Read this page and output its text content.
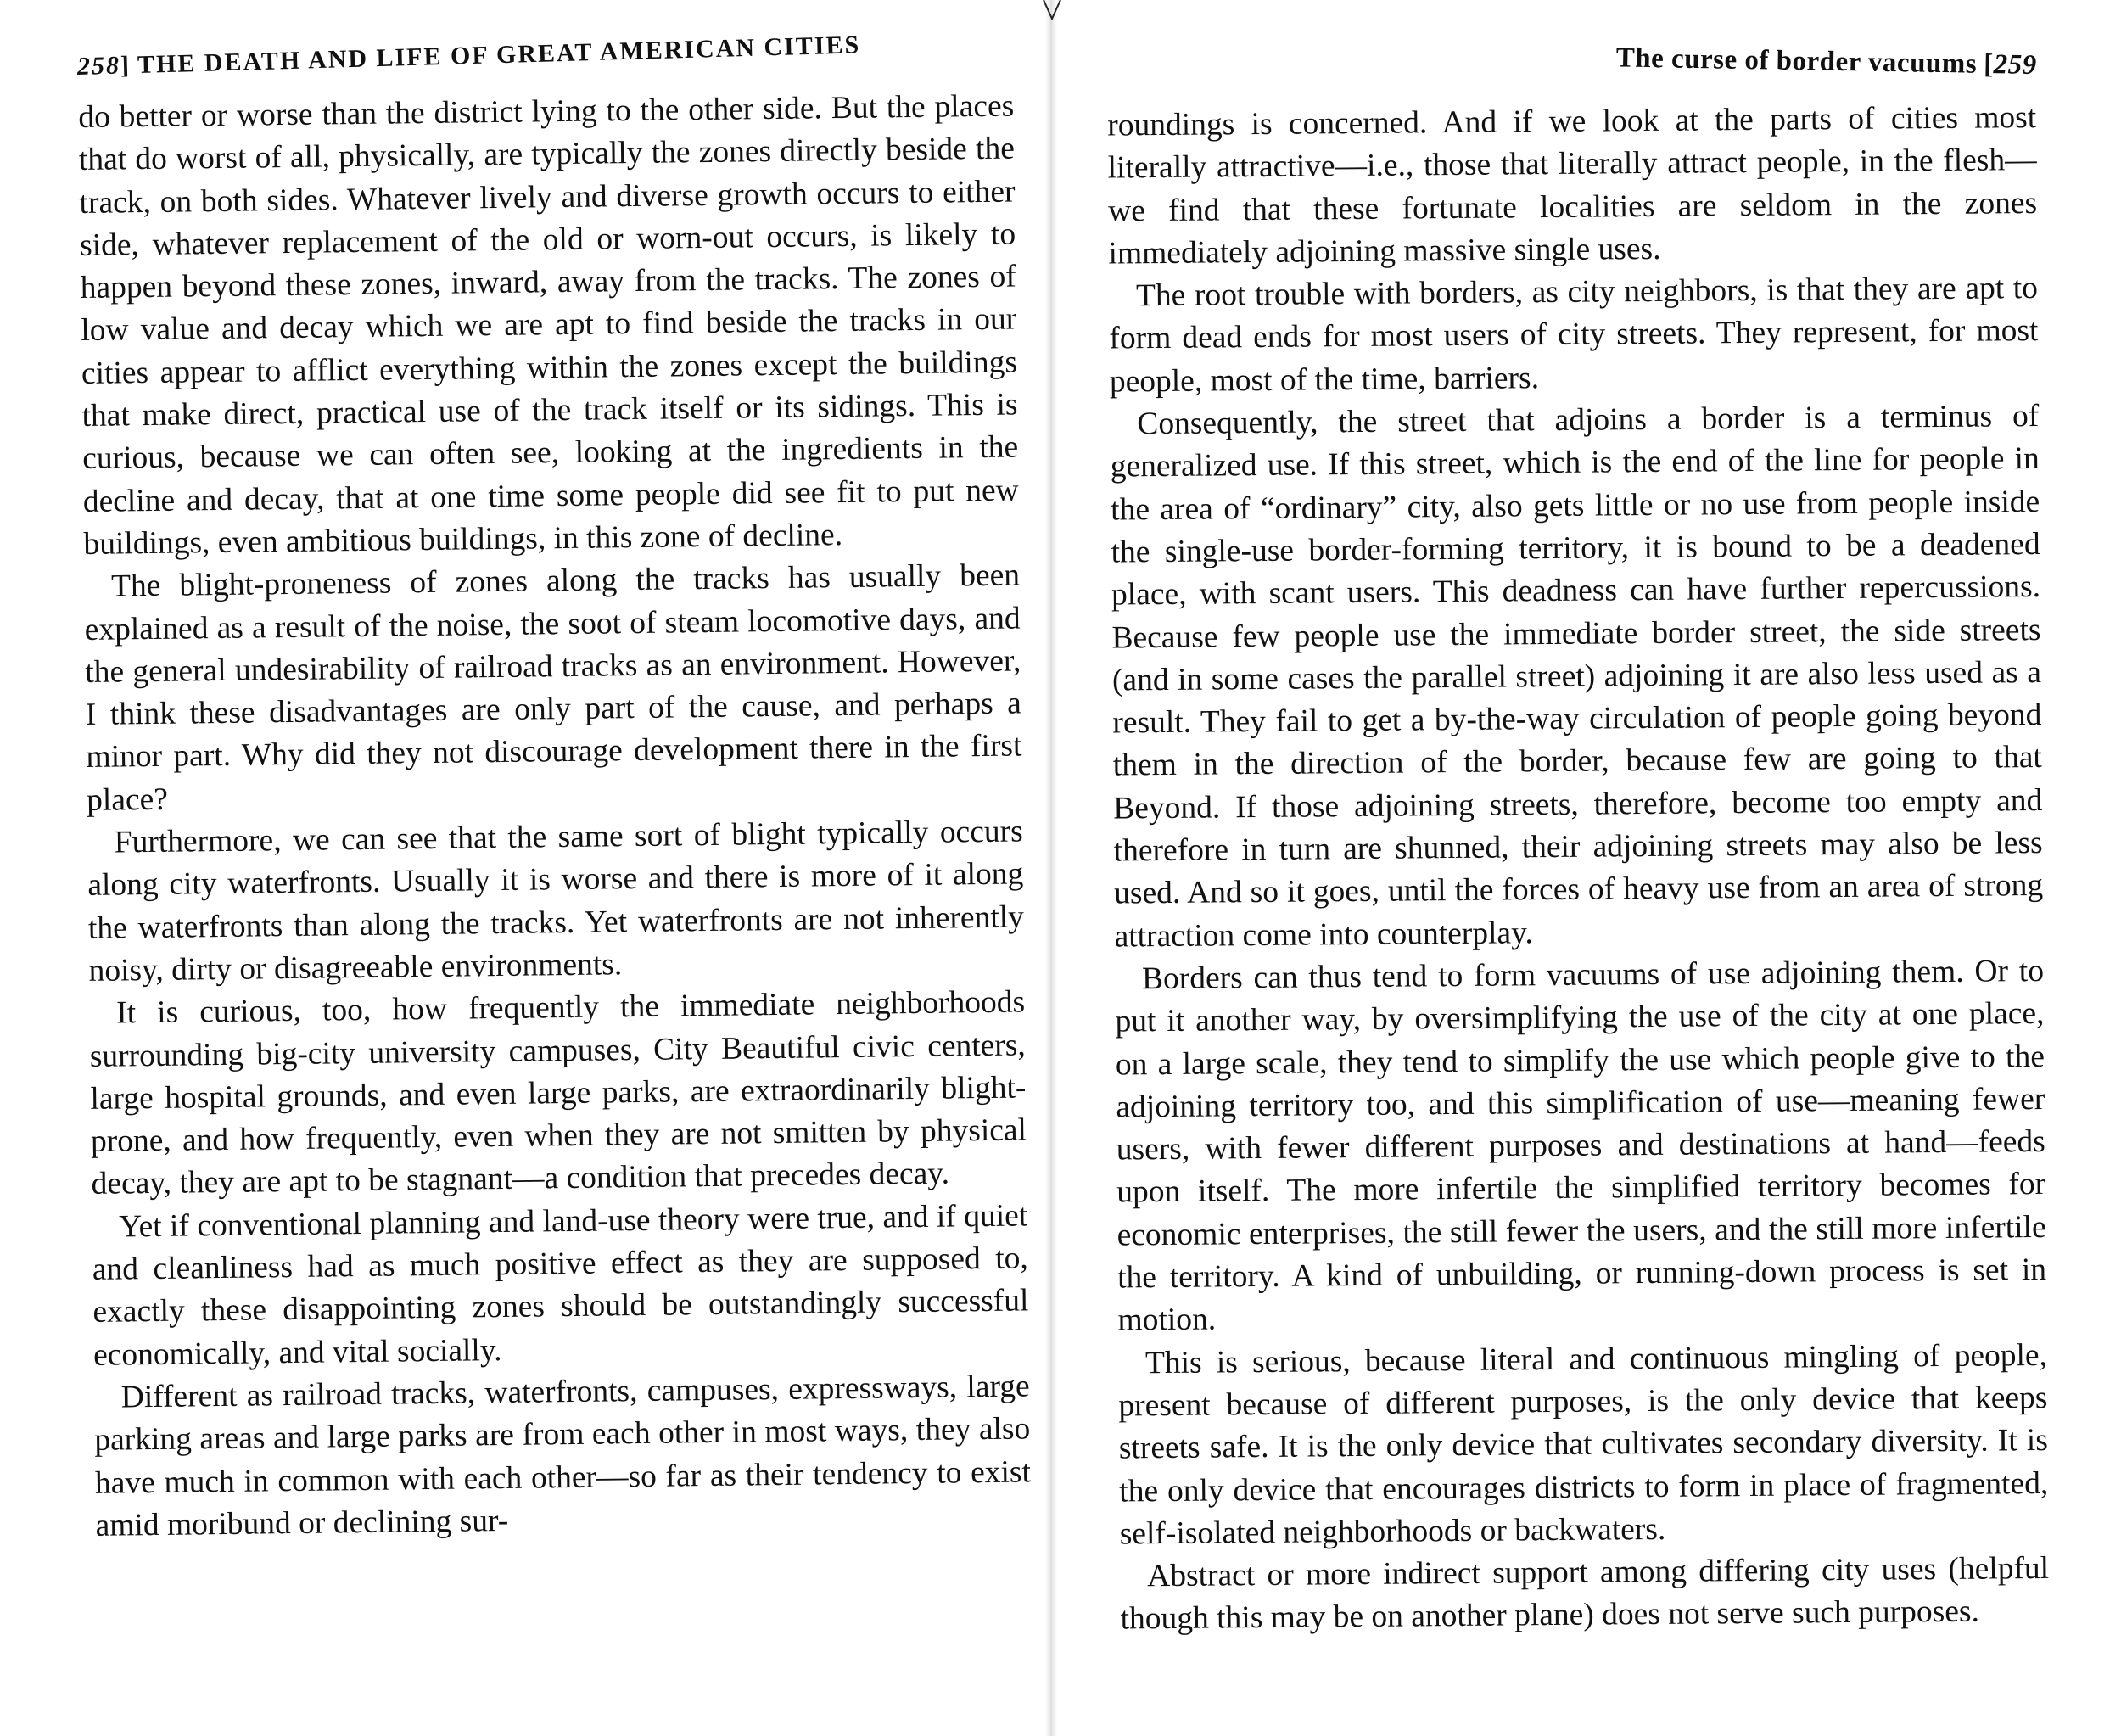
258 ] THE DEATH AND LIFE OF GREAT AMERICAN CITIES

do better or worse than the district lying to the other side. But the places that do worst of all, physically, are typically the zones directly beside the track, on both sides. Whatever lively and diverse growth occurs to either side, whatever replacement of the old or worn-out occurs, is likely to happen beyond these zones, inward, away from the tracks. The zones of low value and decay which we are apt to find beside the tracks in our cities appear to afflict everything within the zones except the buildings that make direct, practical use of the track itself or its sidings. This is curious, because we can often see, looking at the ingredients in the decline and decay, that at one time some people did see fit to put new buildings, even ambitious buildings, in this zone of decline.

The blight-proneness of zones along the tracks has usually been explained as a result of the noise, the soot of steam locomotive days, and the general undesirability of railroad tracks as an environment. However, I think these disadvantages are only part of the cause, and perhaps a minor part. Why did they not discourage development there in the first place?

Furthermore, we can see that the same sort of blight typically occurs along city waterfronts. Usually it is worse and there is more of it along the waterfronts than along the tracks. Yet waterfronts are not inherently noisy, dirty or disagreeable environments.

It is curious, too, how frequently the immediate neighborhoods surrounding big-city university campuses, City Beautiful civic centers, large hospital grounds, and even large parks, are extraordinarily blight-prone, and how frequently, even when they are not smitten by physical decay, they are apt to be stagnant—a condition that precedes decay.

Yet if conventional planning and land-use theory were true, and if quiet and cleanliness had as much positive effect as they are supposed to, exactly these disappointing zones should be outstandingly successful economically, and vital socially.

Different as railroad tracks, waterfronts, campuses, expressways, large parking areas and large parks are from each other in most ways, they also have much in common with each other—so far as their tendency to exist amid moribund or declining sur-

The curse of border vacuums [ 259

roundings is concerned. And if we look at the parts of cities most literally attractive—i.e., those that literally attract people, in the flesh—we find that these fortunate localities are seldom in the zones immediately adjoining massive single uses.

The root trouble with borders, as city neighbors, is that they are apt to form dead ends for most users of city streets. They represent, for most people, most of the time, barriers.

Consequently, the street that adjoins a border is a terminus of generalized use. If this street, which is the end of the line for people in the area of “ordinary” city, also gets little or no use from people inside the single-use border-forming territory, it is bound to be a deadened place, with scant users. This deadness can have further repercussions. Because few people use the immediate border street, the side streets (and in some cases the parallel street) adjoining it are also less used as a result. They fail to get a by-the-way circulation of people going beyond them in the direction of the border, because few are going to that Beyond. If those adjoining streets, therefore, become too empty and therefore in turn are shunned, their adjoining streets may also be less used. And so it goes, until the forces of heavy use from an area of strong attraction come into counterplay.

Borders can thus tend to form vacuums of use adjoining them. Or to put it another way, by oversimplifying the use of the city at one place, on a large scale, they tend to simplify the use which people give to the adjoining territory too, and this simplification of use—meaning fewer users, with fewer different purposes and destinations at hand—feeds upon itself. The more infertile the simplified territory becomes for economic enterprises, the still fewer the users, and the still more infertile the territory. A kind of unbuilding, or running-down process is set in motion.

This is serious, because literal and continuous mingling of people, present because of different purposes, is the only device that keeps streets safe. It is the only device that cultivates secondary diversity. It is the only device that encourages districts to form in place of fragmented, self-isolated neighborhoods or backwaters.

Abstract or more indirect support among differing city uses (helpful though this may be on another plane) does not serve such purposes.
